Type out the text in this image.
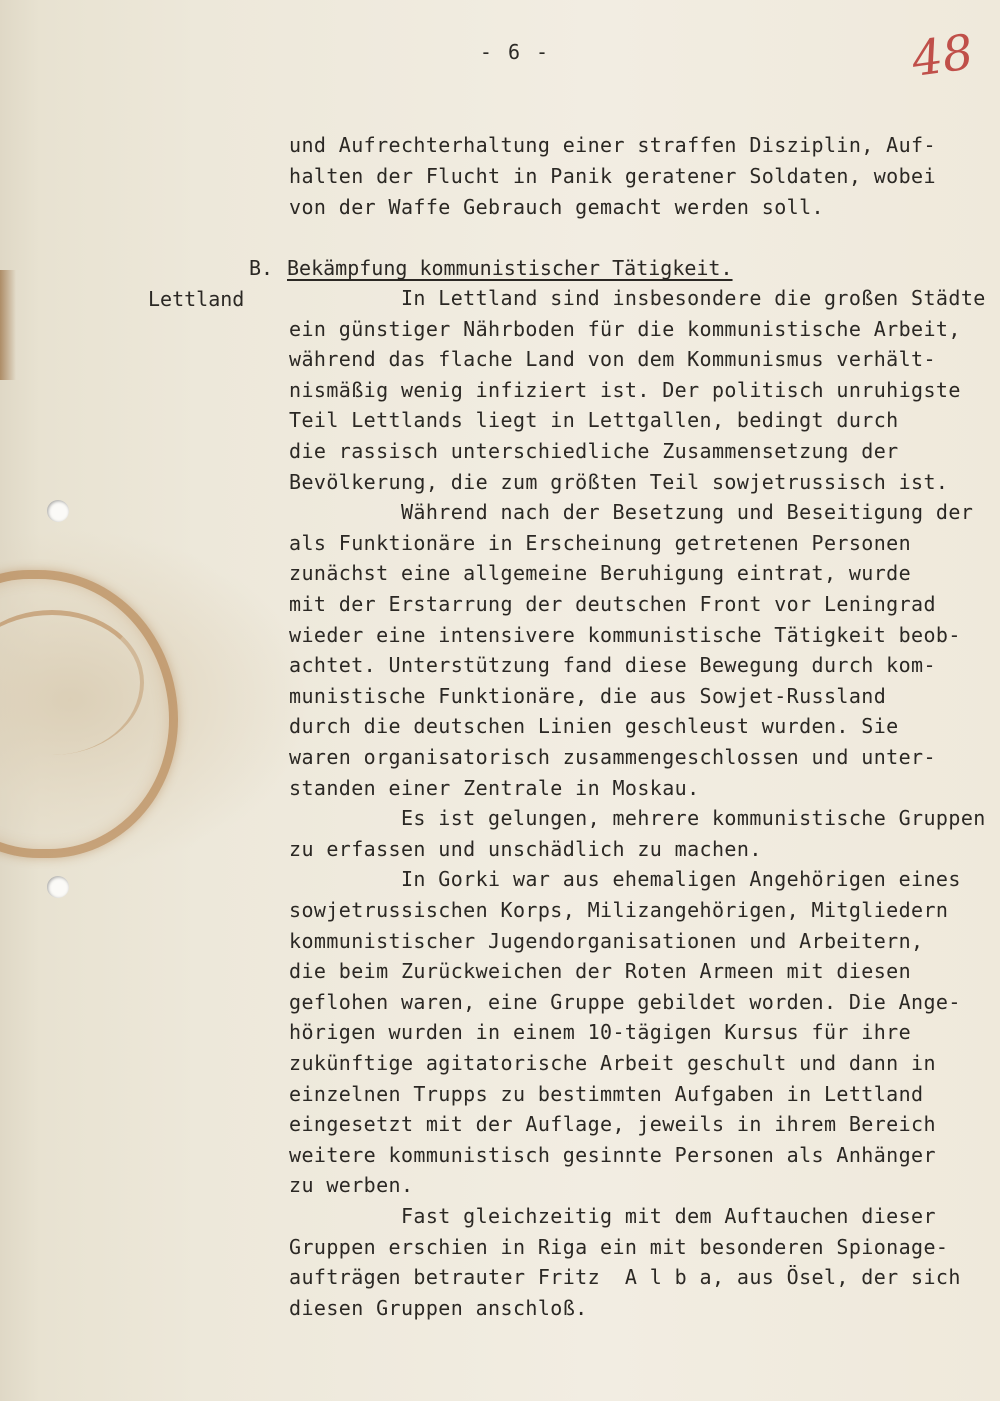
- 6 -	48
und Aufrechterhaltung einer straffen Disziplin, Auf-
halten der Flucht in Panik geratener Soldaten, wobei
von der Waffe Gebrauch gemacht werden soll.
B. Bekämpfung kommunistischer Tätigkeit.
Lettland In Lettland sind insbesondere die großen Städte
ein günstiger Nährboden für die kommunistische Arbeit,
während das flache Land von dem Kommunismus verhält-
nismäßig wenig infiziert ist. Der politisch unruhigste
Teil Lettlands liegt in Lettgallen, bedingt durch
die rassisch unterschiedliche Zusammensetzung der
Bevölkerung, die zum größten Teil sowjetrussisch ist.
Während nach der Besetzung und Beseitigung der
als Funktionäre in Erscheinung getretenen Personen
zunächst eine allgemeine Beruhigung eintrat, wurde
mit der Erstarrung der deutschen Front vor Leningrad
wieder eine intensivere kommunistische Tätigkeit beob-
achtet. Unterstützung fand diese Bewegung durch kom-
munistische Funktionäre, die aus Sowjet-Russland
durch die deutschen Linien geschleust wurden. Sie
waren organisatorisch zusammengeschlossen und unter-
standen einer Zentrale in Moskau.
Es ist gelungen, mehrere kommunistische Gruppen
zu erfassen und unschädlich zu machen.
In Gorki war aus ehemaligen Angehörigen eines
sowjetrussischen Korps, Milizangehörigen, Mitgliedern
kommunistischer Jugendorganisationen und Arbeitern,
die beim Zurückweichen der Roten Armeen mit diesen
geflohen waren, eine Gruppe gebildet worden. Die Ange-
hörigen wurden in einem 10-tägigen Kursus für ihre
zukünftige agitatorische Arbeit geschult und dann in
einzelnen Trupps zu bestimmten Aufgaben in Lettland
eingesetzt mit der Auflage, jeweils in ihrem Bereich
weitere kommunistisch gesinnte Personen als Anhänger
zu werben.
Fast gleichzeitig mit dem Auftauchen dieser
Gruppen erschien in Riga ein mit besonderen Spionage-
aufträgen betrauter Fritz  A l b a, aus Ösel, der sich
diesen Gruppen anschloß.
